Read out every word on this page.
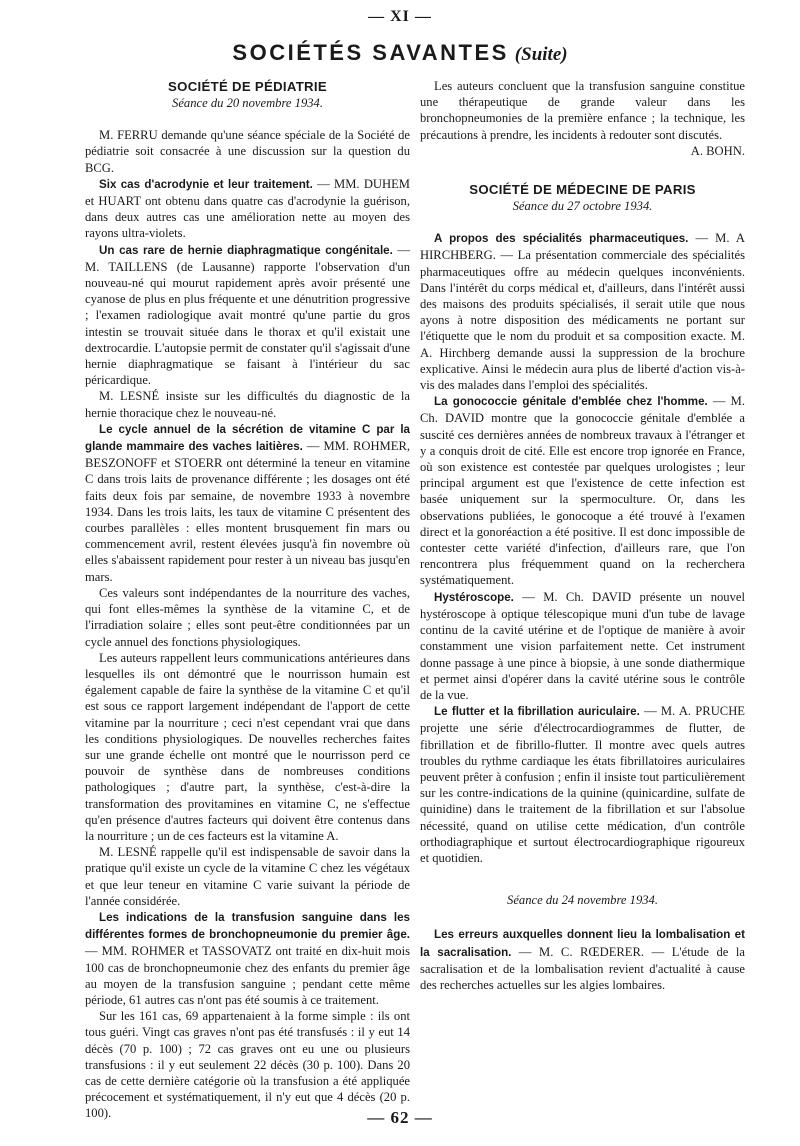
— XI —
SOCIÉTÉS SAVANTES (Suite)
SOCIÉTÉ DE PÉDIATRIE
Séance du 20 novembre 1934.

M. FERRU demande qu'une séance spéciale de la Société de pédiatrie soit consacrée à une discussion sur la question du BCG.

Six cas d'acrodynie et leur traitement. — MM. DUHEM et HUART ont obtenu dans quatre cas d'acrodynie la guérison, dans deux autres cas une amélioration nette au moyen des rayons ultra-violets.

Un cas rare de hernie diaphragmatique congénitale. — M. TAILLENS (de Lausanne) rapporte l'observation d'un nouveau-né qui mourut rapidement après avoir présenté une cyanose de plus en plus fréquente et une dénutrition progressive ; l'examen radiologique avait montré qu'une partie du gros intestin se trouvait située dans le thorax et qu'il existait une dextrocardie. L'autopsie permit de constater qu'il s'agissait d'une hernie diaphragmatique se faisant à l'intérieur du sac péricardique.

M. LESNÉ insiste sur les difficultés du diagnostic de la hernie thoracique chez le nouveau-né.

Le cycle annuel de la sécrétion de vitamine C par la glande mammaire des vaches laitières. — MM. ROHMER, BESZONOFF et STOERR ont déterminé la teneur en vitamine C dans trois laits de provenance différente ; les dosages ont été faits deux fois par semaine, de novembre 1933 à novembre 1934. Dans les trois laits, les taux de vitamine C présentent des courbes parallèles : elles montent brusquement fin mars ou commencement avril, restent élevées jusqu'à fin novembre où elles s'abaissent rapidement pour rester à un niveau bas jusqu'en mars.

Ces valeurs sont indépendantes de la nourriture des vaches, qui font elles-mêmes la synthèse de la vitamine C, et de l'irradiation solaire ; elles sont peut-être conditionnées par un cycle annuel des fonctions physiologiques.

Les auteurs rappellent leurs communications antérieures dans lesquelles ils ont démontré que le nourrisson humain est également capable de faire la synthèse de la vitamine C et qu'il est sous ce rapport largement indépendant de l'apport de cette vitamine par la nourriture ; ceci n'est cependant vrai que dans les conditions physiologiques. De nouvelles recherches faites sur une grande échelle ont montré que le nourrisson perd ce pouvoir de synthèse dans de nombreuses conditions pathologiques ; d'autre part, la synthèse, c'est-à-dire la transformation des provitamines en vitamine C, ne s'effectue qu'en présence d'autres facteurs qui doivent être contenus dans la nourriture ; un de ces facteurs est la vitamine A.

M. LESNÉ rappelle qu'il est indispensable de savoir dans la pratique qu'il existe un cycle de la vitamine C chez les végétaux et que leur teneur en vitamine C varie suivant la période de l'année considérée.

Les indications de la transfusion sanguine dans les différentes formes de bronchopneumonie du premier âge. — MM. ROHMER et TASSOVATZ ont traité en dix-huit mois 100 cas de bronchopneumonie chez des enfants du premier âge au moyen de la transfusion sanguine ; pendant cette même période, 61 autres cas n'ont pas été soumis à ce traitement.

Sur les 161 cas, 69 appartenaient à la forme simple : ils ont tous guéri. Vingt cas graves n'ont pas été transfusés : il y eut 14 décès (70 p. 100) ; 72 cas graves ont eu une ou plusieurs transfusions : il y eut seulement 22 décès (30 p. 100). Dans 20 cas de cette dernière catégorie où la transfusion a été appliquée précocement et systématiquement, il n'y eut que 4 décès (20 p. 100).

Les auteurs concluent que la transfusion sanguine constitue une thérapeutique de grande valeur dans les bronchopneumonies de la première enfance ; la technique, les précautions à prendre, les incidents à redouter sont discutés.

A. BOHN.
SOCIÉTÉ DE MÉDECINE DE PARIS
Séance du 27 octobre 1934.

A propos des spécialités pharmaceutiques. — M. A HIRCHBERG. — La présentation commerciale des spécialités pharmaceutiques offre au médecin quelques inconvénients. Dans l'intérêt du corps médical et, d'ailleurs, dans l'intérêt aussi des maisons des produits spécialisés, il serait utile que nous ayons à notre disposition des médicaments ne portant sur l'étiquette que le nom du produit et sa composition exacte. M. A. Hirchberg demande aussi la suppression de la brochure explicative. Ainsi le médecin aura plus de liberté d'action vis-à-vis des malades dans l'emploi des spécialités.

La gonococcie génitale d'emblée chez l'homme. — M. Ch. DAVID montre que la gonococcie génitale d'emblée a suscité ces dernières années de nombreux travaux à l'étranger et y a conquis droit de cité. Elle est encore trop ignorée en France, où son existence est contestée par quelques urologistes ; leur principal argument est que l'existence de cette infection est basée uniquement sur la spermoculture. Or, dans les observations publiées, le gonocoque a été trouvé à l'examen direct et la gonoréaction a été positive. Il est donc impossible de contester cette variété d'infection, d'ailleurs rare, que l'on rencontrera plus fréquemment quand on la recherchera systématiquement.

Hystéroscope. — M. Ch. DAVID présente un nouvel hystéroscope à optique télescopique muni d'un tube de lavage continu de la cavité utérine et de l'optique de manière à avoir constamment une vision parfaitement nette. Cet instrument donne passage à une pince à biopsie, à une sonde diathermique et permet ainsi d'opérer dans la cavité utérine sous le contrôle de la vue.

Le flutter et la fibrillation auriculaire. — M. A. PRUCHE projette une série d'électrocardiogrammes de flutter, de fibrillation et de fibrillo-flutter. Il montre avec quels autres troubles du rythme cardiaque les états fibrillatoires auriculaires peuvent prêter à confusion ; enfin il insiste tout particulièrement sur les contre-indications de la quinine (quinicardine, sulfate de quinidine) dans le traitement de la fibrillation et sur l'absolue nécessité, quand on utilise cette médication, d'un contrôle orthodiagraphique et surtout électrocardiographique rigoureux et quotidien.

Séance du 24 novembre 1934.

Les erreurs auxquelles donnent lieu la lombalisation et la sacralisation. — M. C. RŒDERER. — L'étude de la sacralisation et de la lombalisation revient d'actualité à cause des recherches actuelles sur les algies lombaires.

— 62 —
